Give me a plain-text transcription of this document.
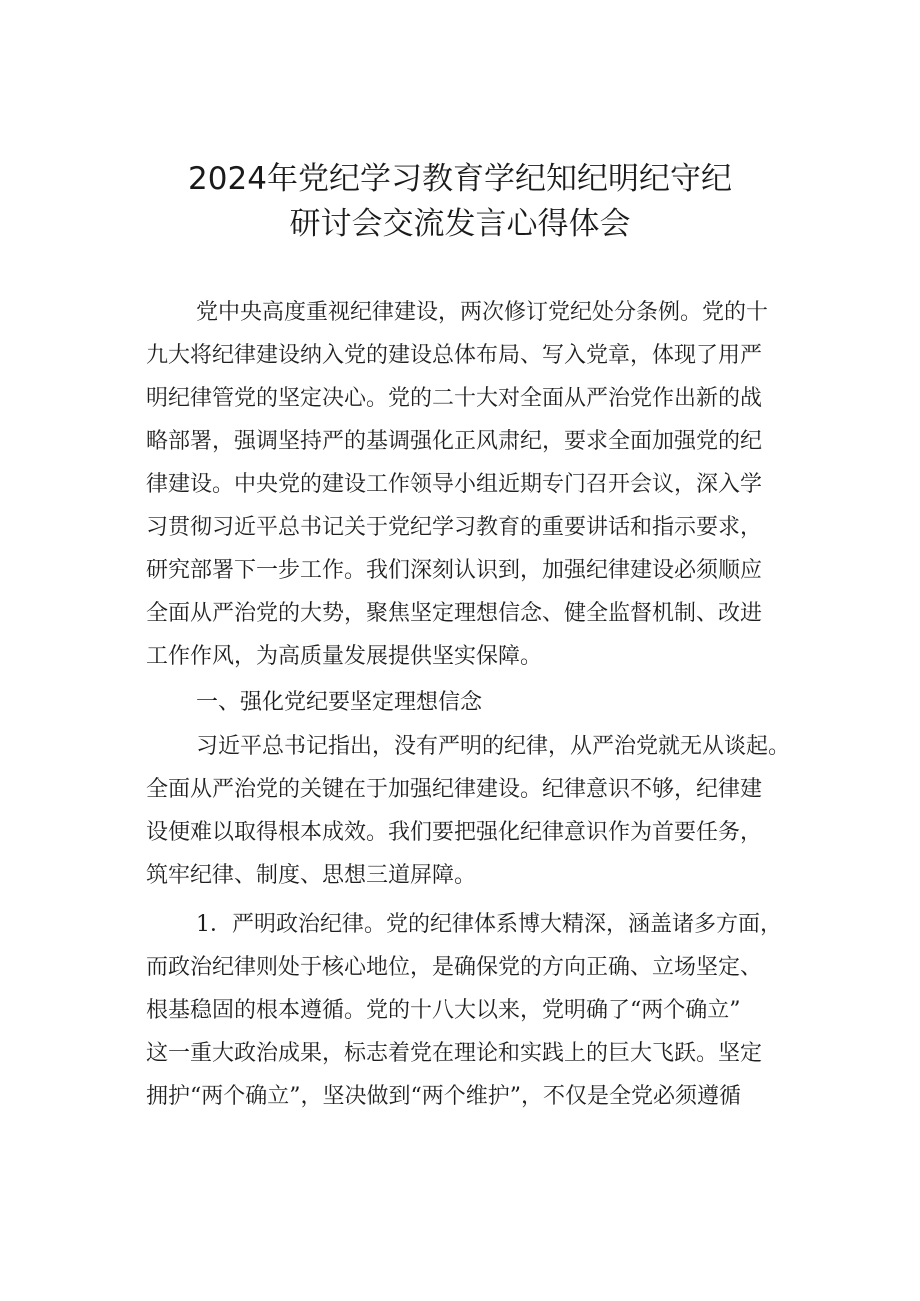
2024年党纪学习教育学纪知纪明纪守纪
研讨会交流发言心得体会
党中央高度重视纪律建设，两次修订党纪处分条例。党的十
九大将纪律建设纳入党的建设总体布局、写入党章，体现了用严
明纪律管党的坚定决心。党的二十大对全面从严治党作出新的战
略部署，强调坚持严的基调强化正风肃纪，要求全面加强党的纪
律建设。中央党的建设工作领导小组近期专门召开会议，深入学
习贯彻习近平总书记关于党纪学习教育的重要讲话和指示要求，
研究部署下一步工作。我们深刻认识到，加强纪律建设必须顺应
全面从严治党的大势，聚焦坚定理想信念、健全监督机制、改进
工作作风，为高质量发展提供坚实保障。
一、强化党纪要坚定理想信念
习近平总书记指出，没有严明的纪律，从严治党就无从谈起。
全面从严治党的关键在于加强纪律建设。纪律意识不够，纪律建
设便难以取得根本成效。我们要把强化纪律意识作为首要任务，
筑牢纪律、制度、思想三道屏障。
1．严明政治纪律。党的纪律体系博大精深，涵盖诸多方面，
而政治纪律则处于核心地位，是确保党的方向正确、立场坚定、
根基稳固的根本遵循。党的十八大以来，党明确了“两个确立”
这一重大政治成果，标志着党在理论和实践上的巨大飞跃。坚定
拥护“两个确立”，坚决做到“两个维护”，不仅是全党必须遵循
